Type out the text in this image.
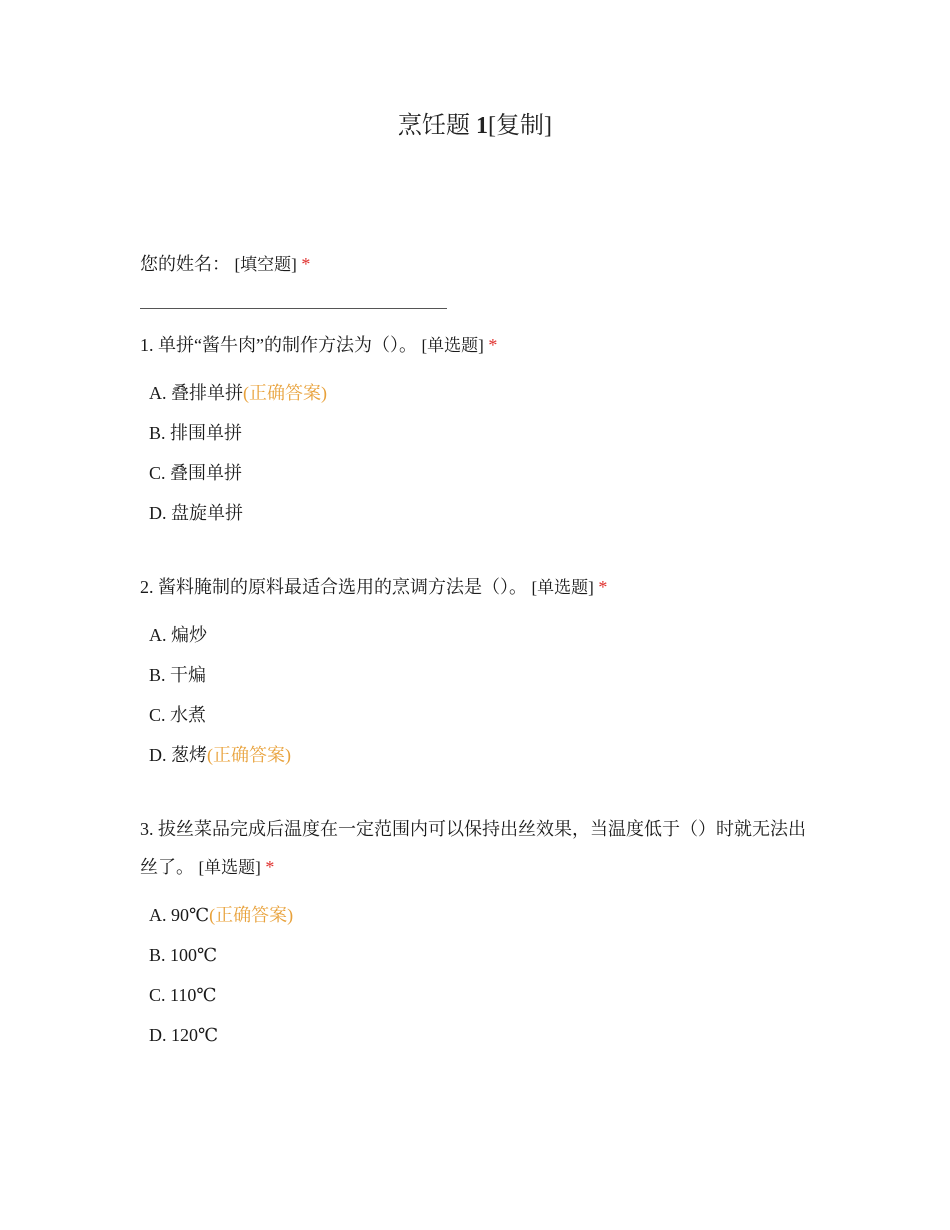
烹饪题 1[复制]
您的姓名： [填空题] *
1. 单拼“酱牛肉”的制作方法为（）。 [单选题] *
A. 叠排单拼(正确答案)
B. 排围单拼
C. 叠围单拼
D. 盘旋单拼
2. 酱料腌制的原料最适合选用的烹调方法是（）。 [单选题] *
A. 煸炒
B. 干煸
C. 水煮
D. 葱烤(正确答案)
3. 拔丝菜品完成后温度在一定范围内可以保持出丝效果，当温度低于（）时就无法出 丝了。 [单选题] *
A. 90℃(正确答案)
B. 100℃
C. 110℃
D. 120℃
